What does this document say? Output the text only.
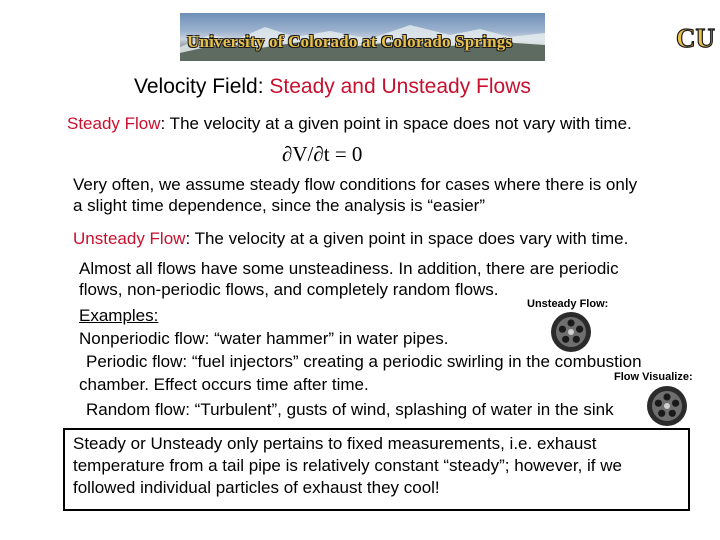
University of Colorado at Colorado Springs	CU
Velocity Field: Steady and Unsteady Flows
Steady Flow: The velocity at a given point in space does not vary with time.
∂V/∂t = 0
Very often, we assume steady flow conditions for cases where there is only
a slight time dependence, since the analysis is “easier”
Unsteady Flow: The velocity at a given point in space does vary with time.
Almost all flows have some unsteadiness. In addition, there are periodic
flows, non-periodic flows, and completely random flows.
Unsteady Flow:
Examples:
Nonperiodic flow: “water hammer” in water pipes.
Periodic flow: “fuel injectors” creating a periodic swirling in the combustion
Flow Visualize:
chamber. Effect occurs time after time.
Random flow: “Turbulent”, gusts of wind, splashing of water in the sink
Steady or Unsteady only pertains to fixed measurements, i.e. exhaust
temperature from a tail pipe is relatively constant “steady”; however, if we
followed individual particles of exhaust they cool!
